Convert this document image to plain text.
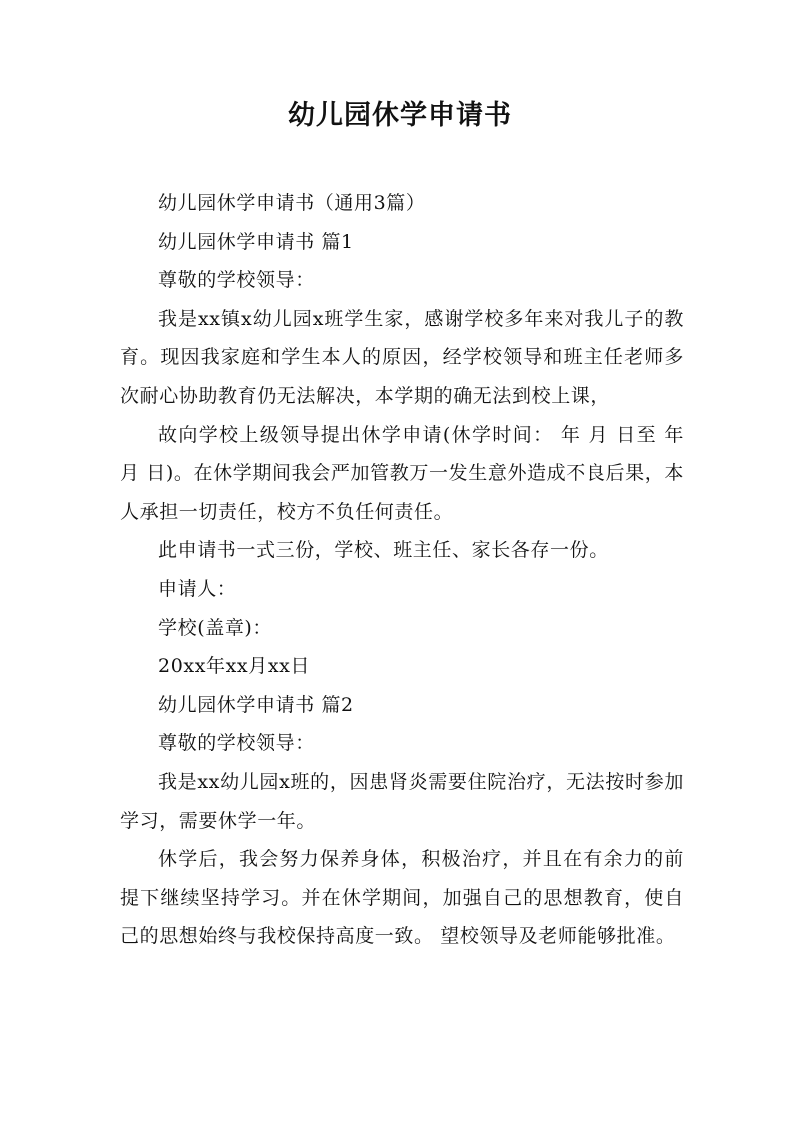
幼儿园休学申请书

幼儿园休学申请书（通用3篇）

幼儿园休学申请书 篇1

尊敬的学校领导：

我是xx镇x幼儿园x班学生家，感谢学校多年来对我儿子的教育。现因我家庭和学生本人的原因，经学校领导和班主任老师多次耐心协助教育仍无法解决，本学期的确无法到校上课，

故向学校上级领导提出休学申请(休学时间： 年 月 日至 年 月 日)。在休学期间我会严加管教万一发生意外造成不良后果，本人承担一切责任，校方不负任何责任。

此申请书一式三份，学校、班主任、家长各存一份。

申请人：

学校(盖章)：

20xx年xx月xx日

幼儿园休学申请书 篇2

尊敬的学校领导：

我是xx幼儿园x班的，因患肾炎需要住院治疗，无法按时参加学习，需要休学一年。

休学后，我会努力保养身体，积极治疗，并且在有余力的前提下继续坚持学习。并在休学期间，加强自己的思想教育，使自己的思想始终与我校保持高度一致。 望校领导及老师能够批准。
